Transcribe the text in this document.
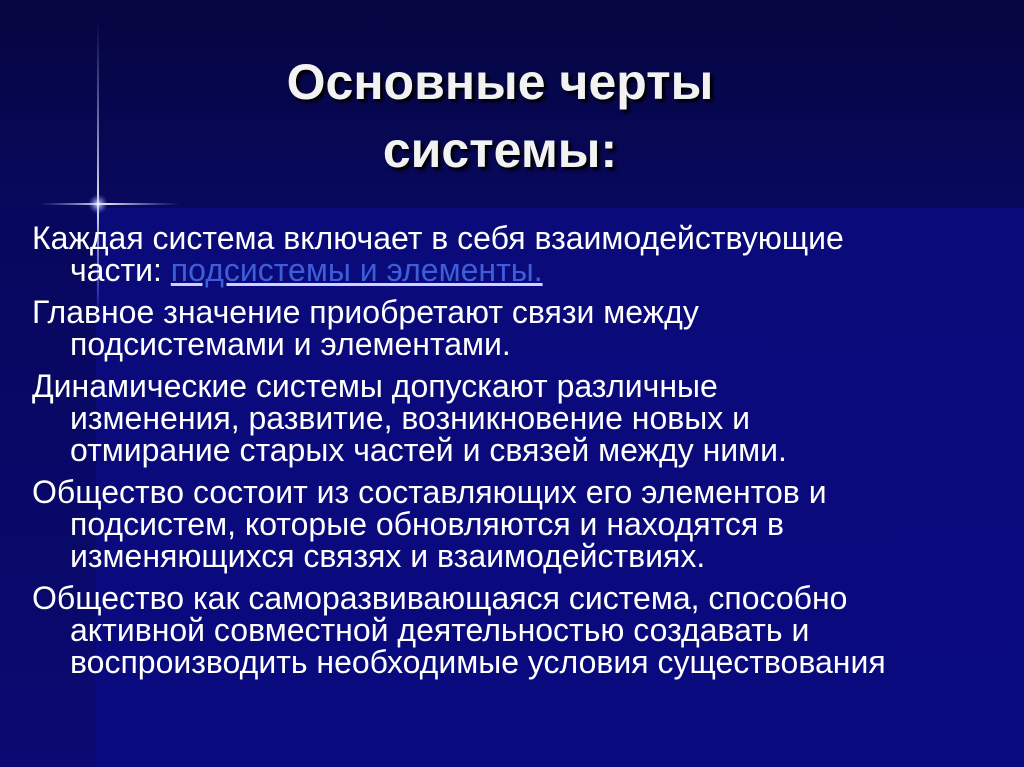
Основные черты
системы:
Каждая система включает в себя взаимодействующие
части: подсистемы и элементы.
Главное значение приобретают связи между
подсистемами и элементами.
Динамические системы допускают различные
изменения, развитие, возникновение новых и
отмирание старых частей и связей между ними.
Общество состоит из составляющих его элементов и
подсистем, которые обновляются и находятся в
изменяющихся связях и взаимодействиях.
Общество как саморазвивающаяся система, способно
активной совместной деятельностью создавать и
воспроизводить необходимые условия существования
